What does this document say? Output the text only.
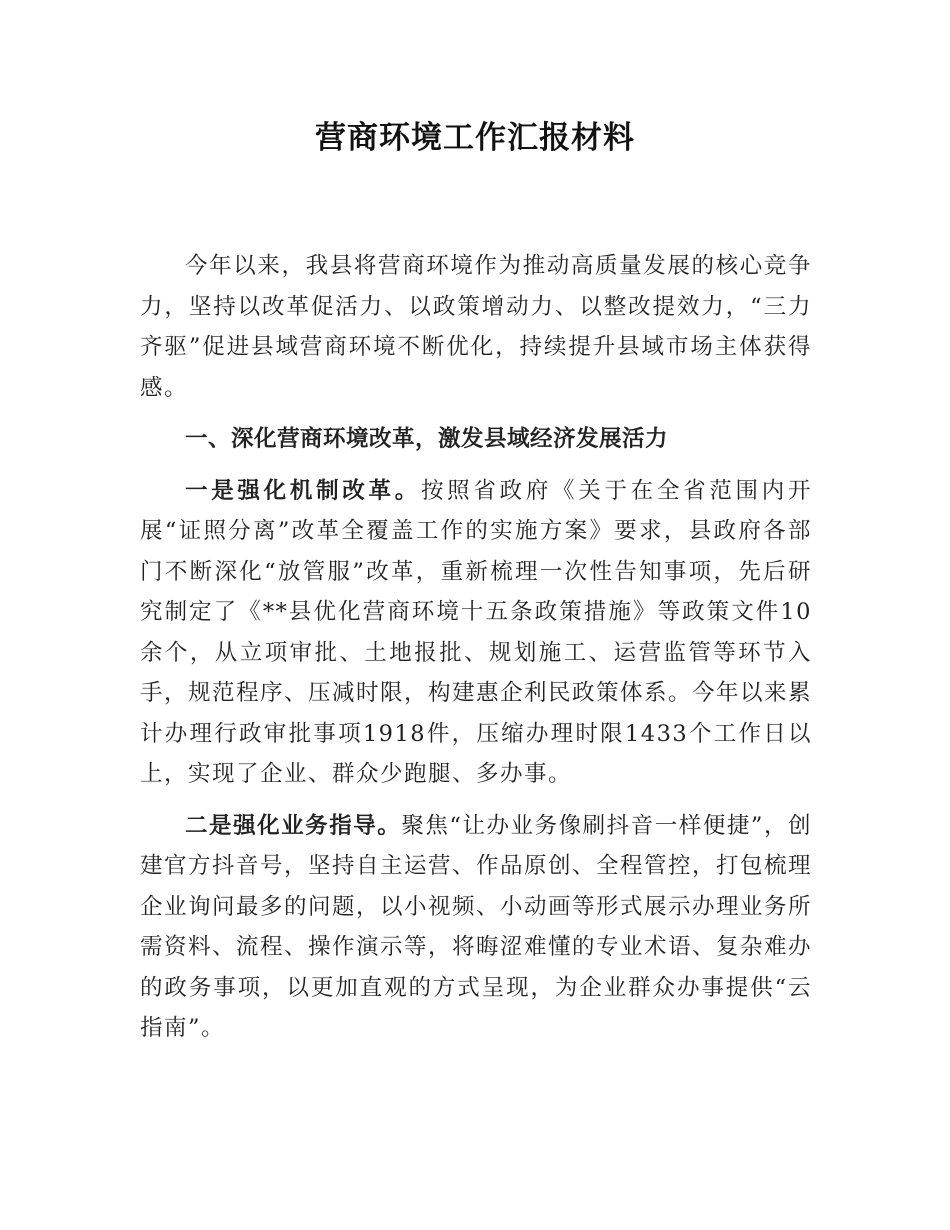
营商环境工作汇报材料

今年以来，我县将营商环境作为推动高质量发展的核心竞争力，坚持以改革促活力、以政策增动力、以整改提效力，“三力齐驱”促进县域营商环境不断优化，持续提升县域市场主体获得感。

一、深化营商环境改革，激发县域经济发展活力

一是强化机制改革。按照省政府《关于在全省范围内开展“证照分离”改革全覆盖工作的实施方案》要求，县政府各部门不断深化“放管服”改革，重新梳理一次性告知事项，先后研究制定了《**县优化营商环境十五条政策措施》等政策文件10余个，从立项审批、土地报批、规划施工、运营监管等环节入手，规范程序、压减时限，构建惠企利民政策体系。今年以来累计办理行政审批事项1918件，压缩办理时限1433个工作日以上，实现了企业、群众少跑腿、多办事。

二是强化业务指导。聚焦“让办业务像刷抖音一样便捷”，创建官方抖音号，坚持自主运营、作品原创、全程管控，打包梳理企业询问最多的问题，以小视频、小动画等形式展示办理业务所需资料、流程、操作演示等，将晦涩难懂的专业术语、复杂难办的政务事项，以更加直观的方式呈现，为企业群众办事提供“云指南”。
